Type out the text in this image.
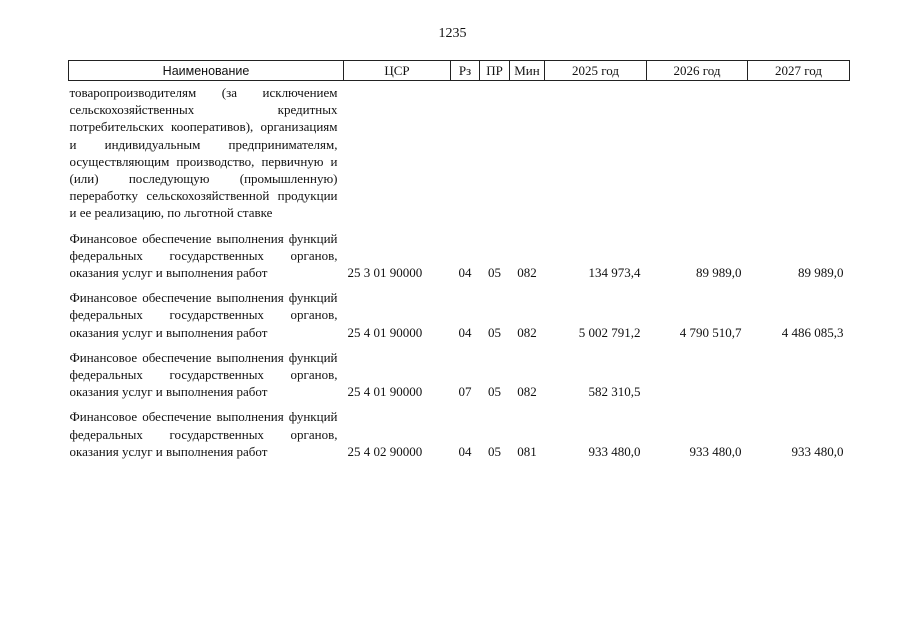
1235
Наименование	ЦСР	Рз	ПР	Мин	2025 год	2026 год	2027 год
товаропроизводителям (за исключением сельскохозяйственных кредитных потребительских кооперативов), организациям и индивидуальным предпринимателям, осуществляющим производство, первичную и (или) последующую (промышленную) переработку сельскохозяйственной продукции и ее реализацию, по льготной ставке							
Финансовое обеспечение выполнения функций федеральных государственных органов, оказания услуг и выполнения работ	25 3 01 90000	04	05	082	134 973,4	89 989,0	89 989,0
Финансовое обеспечение выполнения функций федеральных государственных органов, оказания услуг и выполнения работ	25 4 01 90000	04	05	082	5 002 791,2	4 790 510,7	4 486 085,3
Финансовое обеспечение выполнения функций федеральных государственных органов, оказания услуг и выполнения работ	25 4 01 90000	07	05	082	582 310,5		
Финансовое обеспечение выполнения функций федеральных государственных органов, оказания услуг и выполнения работ	25 4 02 90000	04	05	081	933 480,0	933 480,0	933 480,0
